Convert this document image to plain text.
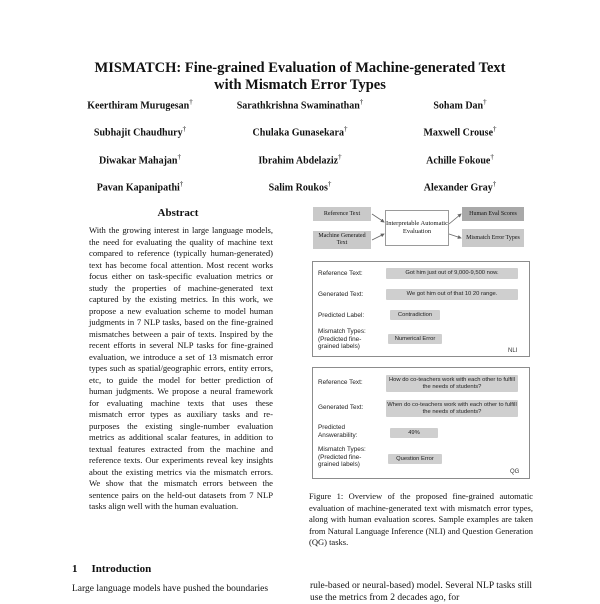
MISMATCH: Fine-grained Evaluation of Machine-generated Text
with Mismatch Error Types
Keerthiram Murugesan†	Sarathkrishna Swaminathan†	Soham Dan†
Subhajit Chaudhury†	Chulaka Gunasekara†	Maxwell Crouse†
Diwakar Mahajan†	Ibrahim Abdelaziz†	Achille Fokoue†
Pavan Kapanipathi†	Salim Roukos†	Alexander Gray†
Abstract
With the growing interest in large language models, the need for evaluating the quality of machine text compared to reference (typically human-generated) text has become focal attention. Most recent works focus either on task-specific evaluation metrics or study the properties of machine-generated text captured by the existing metrics. In this work, we propose a new evaluation scheme to model human judgments in 7 NLP tasks, based on the fine-grained mismatches between a pair of texts. Inspired by the recent efforts in several NLP tasks for fine-grained evaluation, we introduce a set of 13 mismatch error types such as spatial/geographic errors, entity errors, etc, to guide the model for better prediction of human judgments. We propose a neural framework for evaluating machine texts that uses these mismatch error types as auxiliary tasks and re-purposes the existing single-number evaluation metrics as additional scalar features, in addition to textual features extracted from the machine and reference texts. Our experiments reveal key insights about the existing metrics via the mismatch errors. We show that the mismatch errors between the sentence pairs on the held-out datasets from 7 NLP tasks align well with the human evaluation.
1 Introduction
Large language models have pushed the boundaries	rule-based or neural-based) model. Several NLP tasks still use the metrics from 2 decades ago, for
Reference Text
Machine Generated Text
Interpretable Automatic Evaluation
Human Eval Scores
Mismatch Error Types
Reference Text:	Got him just out of 9,000-9,500 now.
Generated Text:	We got him out of that 10 20 range.
Predicted Label:	Contradiction
Mismatch Types: (Predicted fine-grained labels)
Numerical Error
NLI
Reference Text:	How do co-teachers work with each other to fulfill the needs of students?
Generated Text:	When do co-teachers work with each other to fulfill the needs of students?
Predicted Answerability:	49%
Mismatch Types: (Predicted fine-grained labels)
Question Error
QG
Figure 1: Overview of the proposed fine-grained automatic evaluation of machine-generated text with mismatch error types, along with human evaluation scores. Sample examples are taken from Natural Language Inference (NLI) and Question Generation (QG) tasks.
